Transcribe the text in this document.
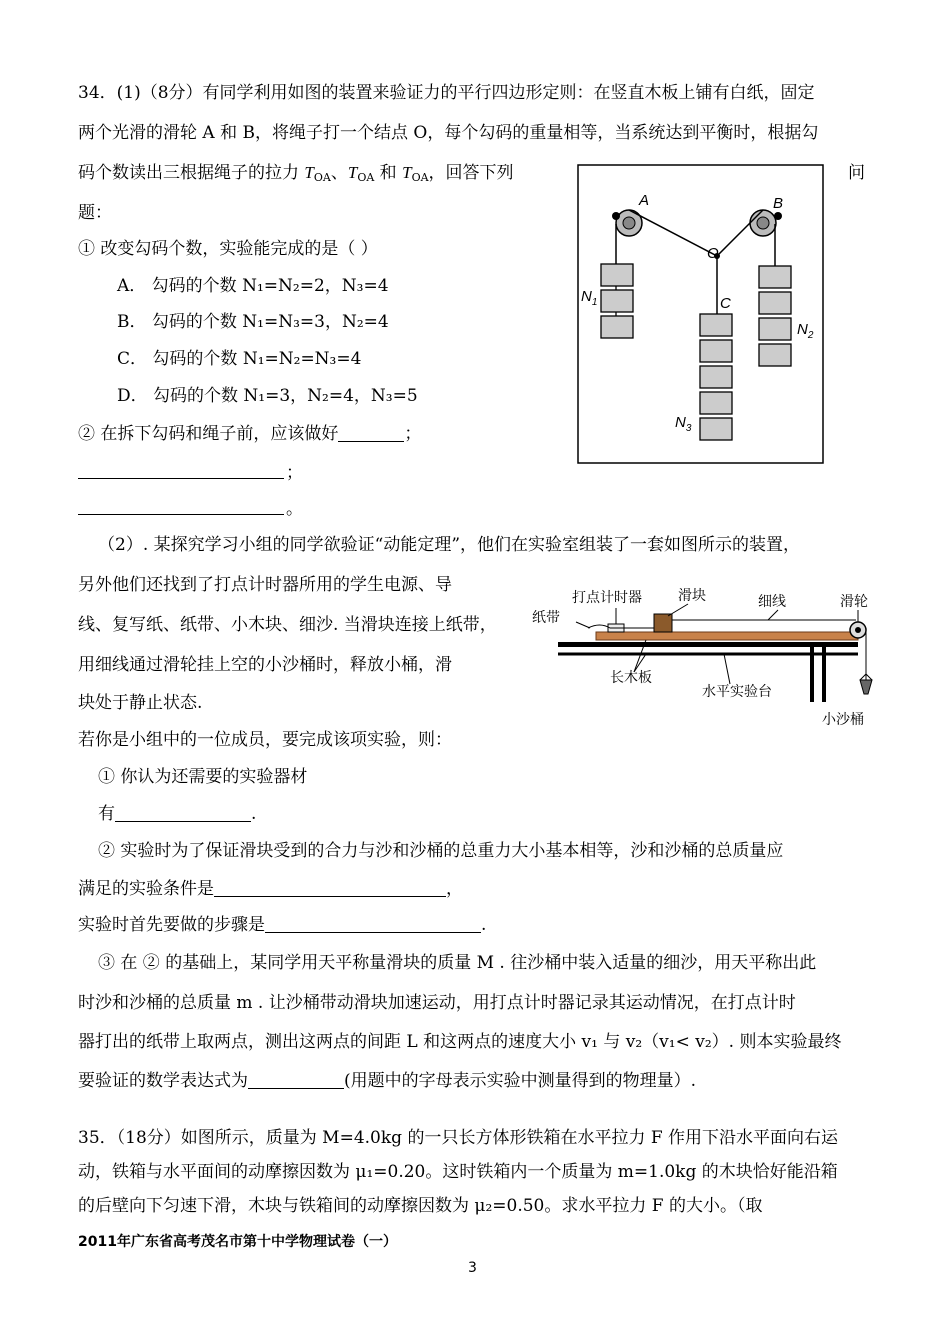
34．(1)（8分）有同学利用如图的装置来验证力的平行四边形定则：在竖直木板上铺有白纸，固定
两个光滑的滑轮 A 和 B，将绳子打一个结点 O，每个勾码的重量相等，当系统达到平衡时，根据勾
码个数读出三根据绳子的拉力 $T_{OA}$、$T_{OA}$ 和 $T_{OA}$，回答下列	问
题：
① 改变勾码个数，实验能完成的是（ ）
A． 勾码的个数 N₁=N₂=2，N₃=4
B． 勾码的个数 N₁=N₃=3，N₂=4
C． 勾码的个数 N₁=N₂=N₃=4
D． 勾码的个数 N₁=3，N₂=4，N₃=5
② 在拆下勾码和绳子前，应该做好	；
；
。
A	B
O
C
$N_1$
$N_2$
$N_3$
（2）. 某探究学习小组的同学欲验证“动能定理”，他们在实验室组装了一套如图所示的装置，
另外他们还找到了打点计时器所用的学生电源、导
线、复写纸、纸带、小木块、细沙. 当滑块连接上纸带，
用细线通过滑轮挂上空的小沙桶时，释放小桶，滑
块处于静止状态.
若你是小组中的一位成员，要完成该项实验，则：
① 你认为还需要的实验器材
有	.
② 实验时为了保证滑块受到的合力与沙和沙桶的总重力大小基本相等，沙和沙桶的总质量应
满足的实验条件是	，
实验时首先要做的步骤是	.
③ 在 ② 的基础上，某同学用天平称量滑块的质量 M . 往沙桶中装入适量的细沙，用天平称出此
时沙和沙桶的总质量 m . 让沙桶带动滑块加速运动，用打点计时器记录其运动情况，在打点计时
器打出的纸带上取两点，测出这两点的间距 L 和这两点的速度大小 v₁ 与 v₂（v₁< v₂）. 则本实验最终
要验证的数学表达式为	(用题中的字母表示实验中测量得到的物理量）.
打点计时器	滑块	细线	滑轮
纸带
长木板
水平实验台
小沙桶
35．（18分）如图所示，质量为 M=4.0kg 的一只长方体形铁箱在水平拉力 F 作用下沿水平面向右运
动，铁箱与水平面间的动摩擦因数为 μ₁=0.20。这时铁箱内一个质量为 m=1.0kg 的木块恰好能沿箱
的后壁向下匀速下滑，木块与铁箱间的动摩擦因数为 μ₂=0.50。求水平拉力 F 的大小。（取
2011年广东省高考茂名市第十中学物理试卷（一）
3
